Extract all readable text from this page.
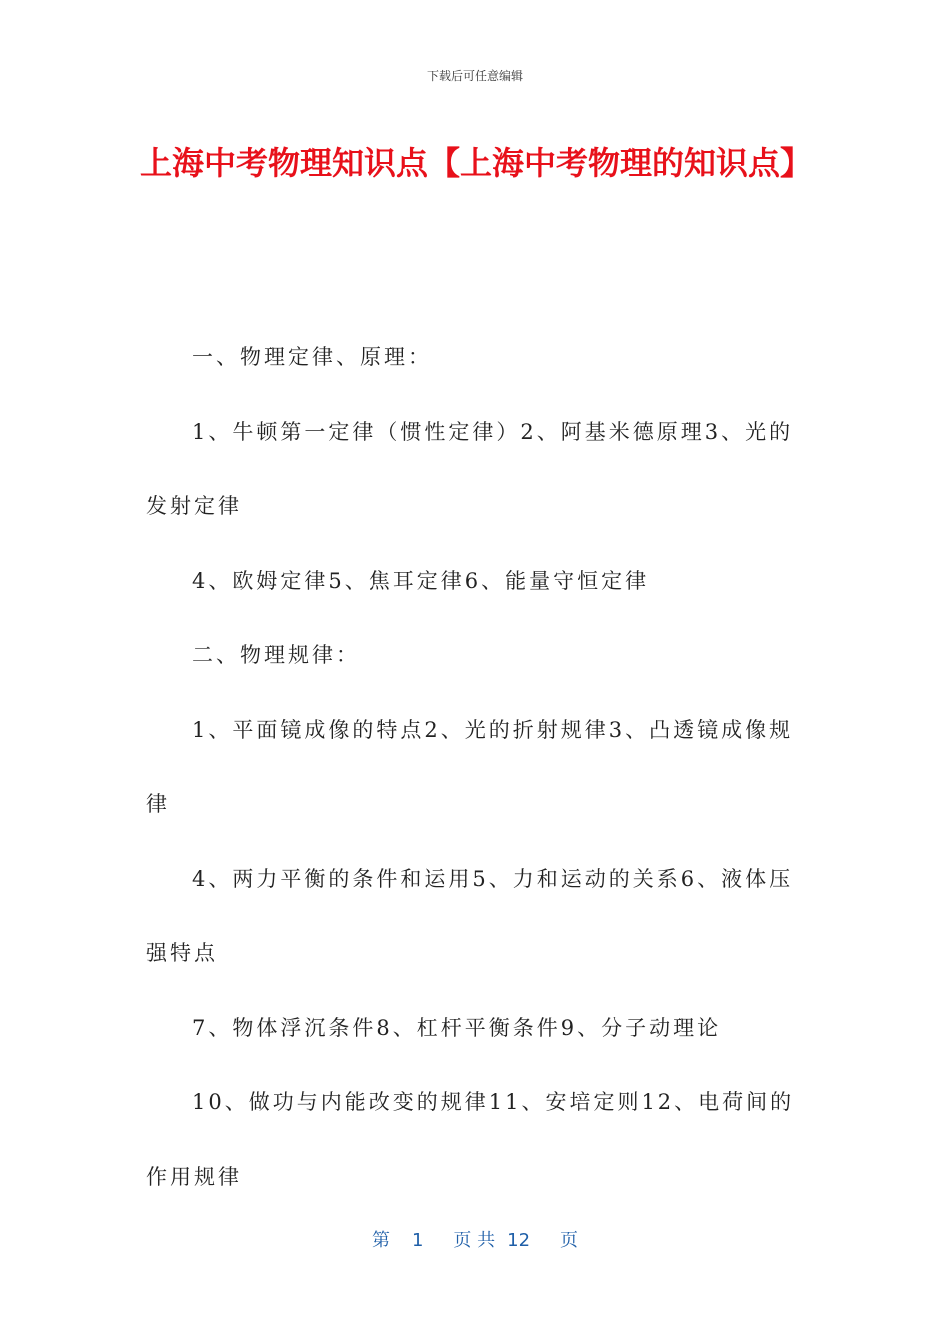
下载后可任意编辑
上海中考物理知识点【上海中考物理的知识点】

一、物理定律、原理：

1、牛顿第一定律（惯性定律）2、阿基米德原理3、光的发射定律

4、欧姆定律5、焦耳定律6、能量守恒定律

二、物理规律：

1、平面镜成像的特点2、光的折射规律3、凸透镜成像规律

4、两力平衡的条件和运用5、力和运动的关系6、液体压强特点

7、物体浮沉条件8、杠杆平衡条件9、分子动理论

10、做功与内能改变的规律11、安培定则12、电荷间的作用规律

第 1 页 共 12 页
